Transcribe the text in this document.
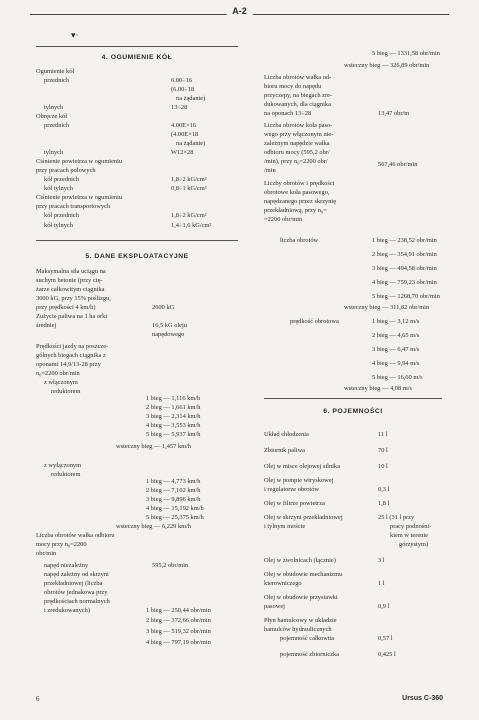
A-2
▾·
4. OGUMIENIE KÓŁ
5. DANE EKSPLOATACYJNE
6. POJEMNOŚCI
Ogumienie kół
przednich	6.00÷16
(6.00÷18
na żądanie)
tylnych	13÷28
Obręcze kół
przednich	4.00E×16
(4.00E×18
na żądanie)
tylnych	W12×28
Ciśnienie powietrza w ogumieniu
przy pracach polowych
kół przednich	1,8÷2 kG/cm²
kół tylnych	0,8÷1 kG/cm²
Ciśnienie powietrza w ogumieniu
przy pracach transportowych
kół przednich	1,8÷2 kG/cm²
kół tylnych	1,4÷1,6 kG/cm²
Maksymalna siła uciągu na
suchym betonie (przy cię-
żarze całkowitym ciągnika
3000 kG, przy 15% poślizgu,
przy prędkości 4 km/h)	2600 kG
Zużycie paliwa na 1 ha orki
średniej	16,5 kG oleju
napędowego
Prędkości jazdy na poszcze-
gólnych biegach ciągnika z
oponami 14,9/13-28 przy
n₀=2200 obr/min
z włączonym
reduktorem
1 bieg — 1,116 km/h
2 bieg — 1,661 km/h
3 bieg — 2,314 km/h
4 bieg — 3,553 km/h
5 bieg — 5,937 km/h
wsteczny bieg — 1,457 km/h
z wyłączonym
reduktorem
1 bieg — 4,773 km/h
2 bieg — 7,102 km/h
3 bieg — 9,896 km/h
4 bieg — 15,192 km/h
5 bieg — 25,375 km/h
wsteczny bieg — 6,229 km/h
Liczba obrotów wałka odbioru
mocy przy n₀=2200
obr/min
napęd niezależny	595,2 obr/min
napęd zależny od skrzyni
przekładniowej (liczba
obrotów jednakowa przy
prędkościach normalnych
i zredukowanych)	1 bieg — 250,44 obr/min
2 bieg — 372,66 obr/min
3 bieg — 519,32 obr/min
4 bieg — 797,19 obr/min
5 bieg — 1331,58 obr/min
wsteczny bieg — 326,89 obr/min
Liczba obrotów wałka od-
bioru mocy do napędu
przyczepy, na biegach zre-
dukowanych, dla ciągnika
na oponach 13÷28	13,47 obr/m
Liczba obrotów koła paso-
wego przy włączonym nie-
zależnym napędzie wałka
odbioru mocy (595,2 obr/
/min), przy n₀=2200 obr/
/min
567,46 obr/min
Liczby obrotów i prędkości
obrotowe koła pasowego,
napędzanego przez skrzynię
przekładniową, przy n₀=
=2200 obr/min
liczba obrotów	1 bieg — 238,52 obr/min
2 bieg — 354,91 obr/min
3 bieg — 494,58 obr/min
4 bieg — 759,23 obr/min
5 bieg — 1268,70 obr/min
wsteczny bieg — 311,82 obr/min
prędkość obrotowa	1 bieg — 3,12 m/s
2 bieg — 4,65 m/s
3 bieg — 6,47 m/s
4 bieg — 9,94 m/s
5 bieg — 16,60 m/s
wsteczny bieg — 4,08 m/s
Układ chłodzenia	11 l
Zbiornik paliwa	70 l
Olej w misce olejowej silnika	10 l
Olej w pompie wtryskowej
i regulatorze obrotów	0,3 l
Olej w filtrze powietrza	1,8 l
Olej w skrzyni przekładniowej
i tylnym moście
25 l (31 l przy
pracy podnośni-
kiem w terenie
górzystym)
Olej w zwolnicach (łącznie)	3 l
Olej w obudowie mechanizmu
kierowniczego	1 l
Olej w obudowie przystawki
pasowej	0,9 l
Płyn hamulcowy w układzie
hamulców hydraulicznych
pojemność całkowita	0,57 l
pojemność zbiorniczka	0,425 l
6	Ursus C-360
